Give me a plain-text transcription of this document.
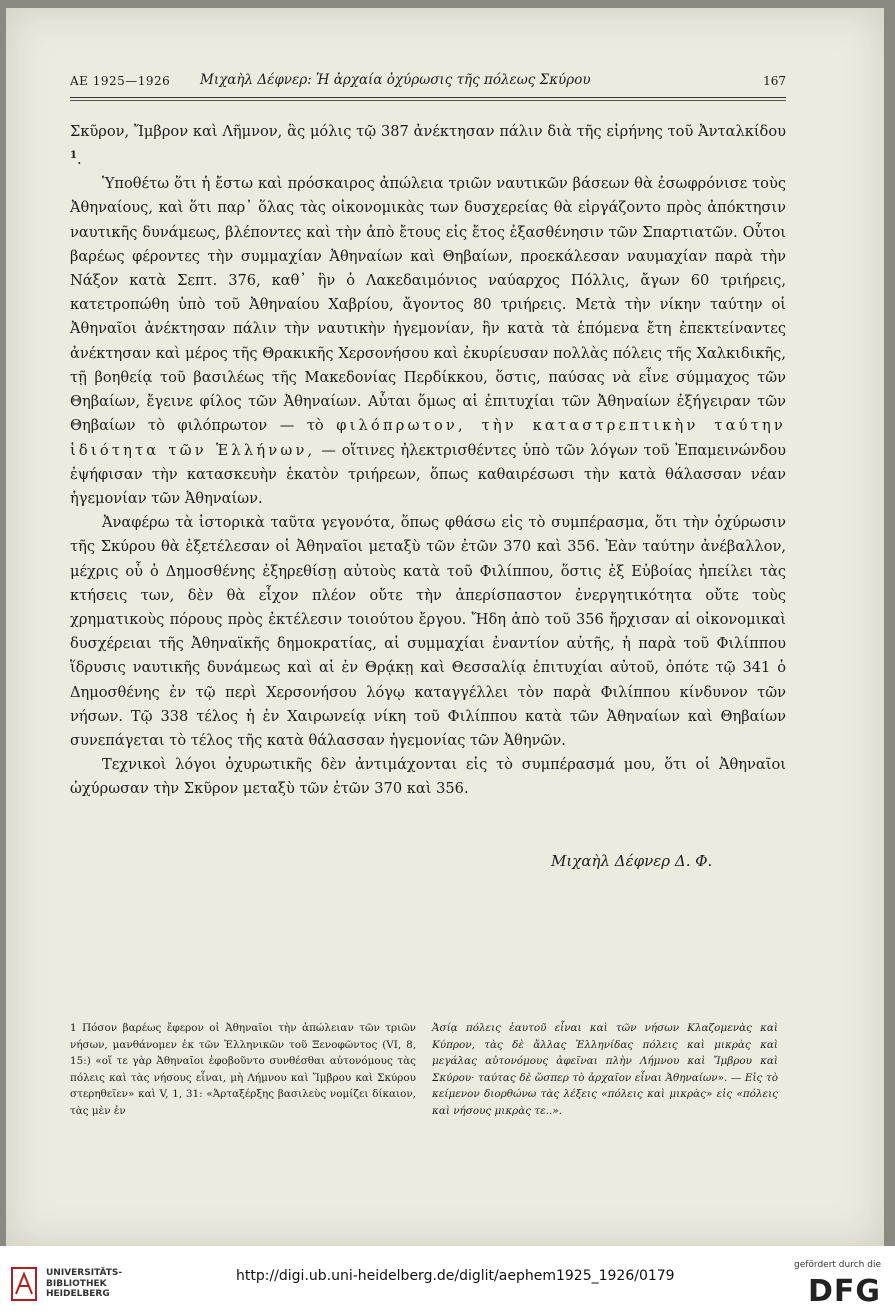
ΑΕ 1925—1926 Μιχαὴλ Δέφνερ: Ἡ ἀρχαία ὀχύρωσις τῆς πόλεως Σκύρου	167

Σκῦρον, Ἴμβρον καὶ Λῆμνον, ἃς μόλις τῷ 387 ἀνέκτησαν πάλιν διὰ τῆς εἰρήνης τοῦ Ἀνταλκίδου $^1$.

Ὑποθέτω ὅτι ἡ ἔστω καὶ πρόσκαιρος ἀπώλεια τριῶν ναυτικῶν βάσεων θὰ ἐσωφρόνισε τοὺς Ἀθηναίους, καὶ ὅτι παρ᾽ ὅλας τὰς οἰκονομικὰς των δυσχερείας θὰ εἰργάζοντο πρὸς ἀπόκτησιν ναυτικῆς δυνάμεως, βλέποντες καὶ τὴν ἀπὸ ἔτους εἰς ἔτος ἐξασθένησιν τῶν Σπαρτιατῶν. Οὗτοι βαρέως φέροντες τὴν συμμαχίαν Ἀθηναίων καὶ Θηβαίων, προεκάλεσαν ναυμαχίαν παρὰ τὴν Νάξον κατὰ Σεπτ. 376, καθ᾽ ἣν ὁ Λακεδαιμόνιος ναύαρχος Πόλλις, ἄγων 60 τριήρεις, κατετροπώθη ὑπὸ τοῦ Ἀθηναίου Χαβρίου, ἄγοντος 80 τριήρεις. Μετὰ τὴν νίκην ταύτην οἱ Ἀθηναῖοι ἀνέκτησαν πάλιν τὴν ναυτικὴν ἡγεμονίαν, ἣν κατὰ τὰ ἑπόμενα ἔτη ἐπεκτείναντες ἀνέκτησαν καὶ μέρος τῆς Θρακικῆς Χερσονήσου καὶ ἐκυρίευσαν πολλὰς πόλεις τῆς Χαλκιδικῆς, τῇ βοηθείᾳ τοῦ βασιλέως τῆς Μακεδονίας Περδίκκου, ὅστις, παύσας νὰ εἶνε σύμμαχος τῶν Θηβαίων, ἔγεινε φίλος τῶν Ἀθηναίων. Αὗται ὅμως αἱ ἐπιτυχίαι τῶν Ἀθηναίων ἐξήγειραν τῶν Θηβαίων τὸ φιλόπρωτον — τὸ φιλόπρωτον, τὴν καταστρεπτικὴν ταύτην ἰδιότητα τῶν Ἑλλήνων, — οἵτινες ἠλεκτρισθέντες ὑπὸ τῶν λόγων τοῦ Ἐπαμεινώνδου ἐψήφισαν τὴν κατασκευὴν ἑκατὸν τριήρεων, ὅπως καθαιρέσωσι τὴν κατὰ θάλασσαν νέαν ἡγεμονίαν τῶν Ἀθηναίων.

Ἀναφέρω τὰ ἱστορικὰ ταῦτα γεγονότα, ὅπως φθάσω εἰς τὸ συμπέρασμα, ὅτι τὴν ὀχύρωσιν τῆς Σκύρου θὰ ἐξετέλεσαν οἱ Ἀθηναῖοι μεταξὺ τῶν ἐτῶν 370 καὶ 356. Ἐὰν ταύτην ἀνέβαλλον, μέχρις οὗ ὁ Δημοσθένης ἐξηρεθίσῃ αὐτοὺς κατὰ τοῦ Φιλίππου, ὅστις ἐξ Εὐβοίας ἠπείλει τὰς κτήσεις των, δὲν θὰ εἶχον πλέον οὔτε τὴν ἀπερίσπαστον ἐνεργητικότητα οὔτε τοὺς χρηματικοὺς πόρους πρὸς ἐκτέλεσιν τοιούτου ἔργου. Ἤδη ἀπὸ τοῦ 356 ἤρχισαν αἱ οἰκονομικαὶ δυσχέρειαι τῆς Ἀθηναϊκῆς δημοκρατίας, αἱ συμμαχίαι ἐναντίον αὐτῆς, ἡ παρὰ τοῦ Φιλίππου ἵδρυσις ναυτικῆς δυνάμεως καὶ αἱ ἐν Θρᾴκῃ καὶ Θεσσαλίᾳ ἐπιτυχίαι αὐτοῦ, ὁπότε τῷ 341 ὁ Δημοσθένης ἐν τῷ περὶ Χερσονήσου λόγῳ καταγγέλλει τὸν παρὰ Φιλίππου κίνδυνον τῶν νήσων. Τῷ 338 τέλος ἡ ἐν Χαιρωνείᾳ νίκη τοῦ Φιλίππου κατὰ τῶν Ἀθηναίων καὶ Θηβαίων συνεπάγεται τὸ τέλος τῆς κατὰ θάλασσαν ἡγεμονίας τῶν Ἀθηνῶν.

Τεχνικοὶ λόγοι ὀχυρωτικῆς δὲν ἀντιμάχονται εἰς τὸ συμπέρασμά μου, ὅτι οἱ Ἀθηναῖοι ὠχύρωσαν τὴν Σκῦρον μεταξὺ τῶν ἐτῶν 370 καὶ 356.

Μιχαὴλ Δέφνερ Δ. Φ.
1 Πόσον βαρέως ἔφερον οἱ Ἀθηναῖοι τὴν ἀπώλειαν τῶν τριῶν νήσων, μανθάνομεν ἐκ τῶν Ἑλληνικῶν τοῦ Ξενοφῶντος (VI, 8, 15:) «οἵ τε γὰρ Ἀθηναῖοι ἐφοβοῦντο συνθέσθαι αὐτονόμους τὰς πόλεις καὶ τὰς νήσους εἶναι, μὴ Λήμνου καὶ Ἴμβρου καὶ Σκύρου στερηθεῖεν» καὶ V, 1, 31: «Ἀρταξέρξης βασιλεὺς νομίζει δίκαιον, τὰς μὲν ἐν
Ἀσίᾳ πόλεις ἑαυτοῦ εἶναι καὶ τῶν νήσων Κλαζομενὰς καὶ Κύπρον, τὰς δὲ ἄλλας Ἑλληνίδας πόλεις καὶ μικρὰς καὶ μεγάλας αὐτονόμους ἀφεῖναι πλὴν Λήμνου καὶ Ἴμβρου καὶ Σκύρου· ταύτας δὲ ὥσπερ τὸ ἀρχαῖον εἶναι Ἀθηναίων». — Εἰς τὸ κείμενον διορθώνω τὰς λέξεις «πόλεις καὶ μικρὰς» εἰς «πόλεις καὶ νήσους μικρὰς τε..».
UNIVERSITÄTS-
BIBLIOTHEK
HEIDELBERG
http://digi.ub.uni-heidelberg.de/diglit/aephem1925_1926/0179
gefördert durch die
DFG
